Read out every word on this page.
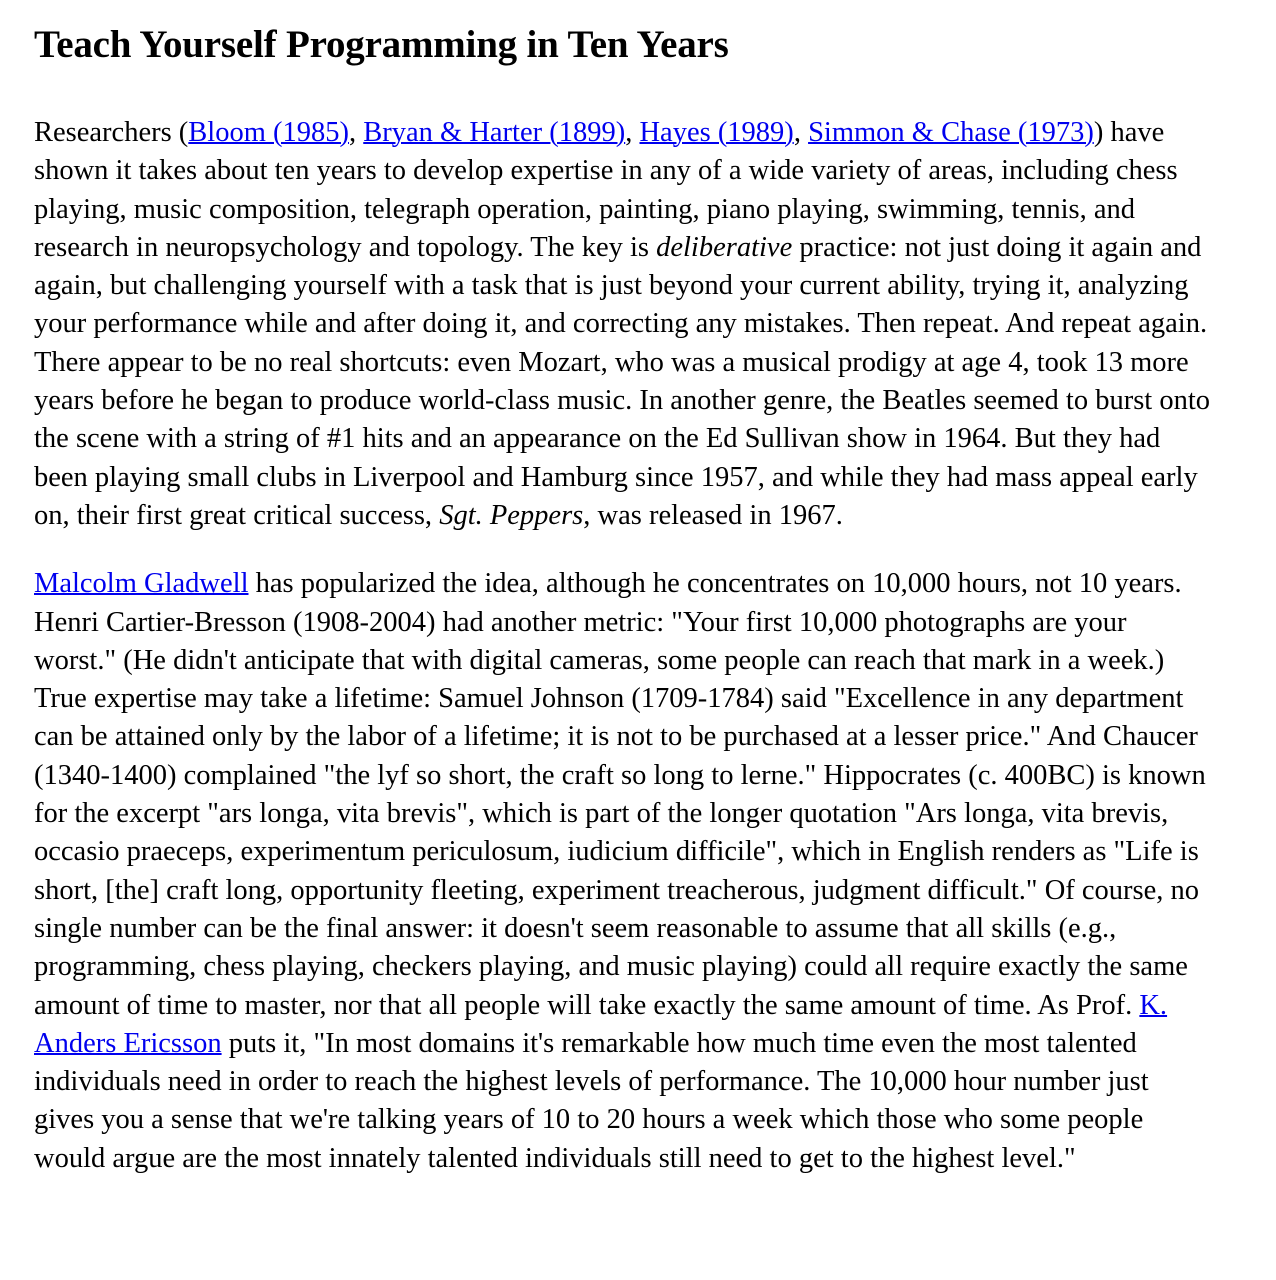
Teach Yourself Programming in Ten Years

Researchers (Bloom (1985), Bryan & Harter (1899), Hayes (1989), Simmon & Chase (1973)) have shown it takes about ten years to develop expertise in any of a wide variety of areas, including chess playing, music composition, telegraph operation, painting, piano playing, swimming, tennis, and research in neuropsychology and topology. The key is deliberative practice: not just doing it again and again, but challenging yourself with a task that is just beyond your current ability, trying it, analyzing your performance while and after doing it, and correcting any mistakes. Then repeat. And repeat again. There appear to be no real shortcuts: even Mozart, who was a musical prodigy at age 4, took 13 more years before he began to produce world-class music. In another genre, the Beatles seemed to burst onto the scene with a string of #1 hits and an appearance on the Ed Sullivan show in 1964. But they had been playing small clubs in Liverpool and Hamburg since 1957, and while they had mass appeal early on, their first great critical success, Sgt. Peppers, was released in 1967.

Malcolm Gladwell has popularized the idea, although he concentrates on 10,000 hours, not 10 years. Henri Cartier-Bresson (1908-2004) had another metric: "Your first 10,000 photographs are your worst." (He didn't anticipate that with digital cameras, some people can reach that mark in a week.) True expertise may take a lifetime: Samuel Johnson (1709-1784) said "Excellence in any department can be attained only by the labor of a lifetime; it is not to be purchased at a lesser price." And Chaucer (1340-1400) complained "the lyf so short, the craft so long to lerne." Hippocrates (c. 400BC) is known for the excerpt "ars longa, vita brevis", which is part of the longer quotation "Ars longa, vita brevis, occasio praeceps, experimentum periculosum, iudicium difficile", which in English renders as "Life is short, [the] craft long, opportunity fleeting, experiment treacherous, judgment difficult." Of course, no single number can be the final answer: it doesn't seem reasonable to assume that all skills (e.g., programming, chess playing, checkers playing, and music playing) could all require exactly the same amount of time to master, nor that all people will take exactly the same amount of time. As Prof. K. Anders Ericsson puts it, "In most domains it's remarkable how much time even the most talented individuals need in order to reach the highest levels of performance. The 10,000 hour number just gives you a sense that we're talking years of 10 to 20 hours a week which those who some people would argue are the most innately talented individuals still need to get to the highest level."
